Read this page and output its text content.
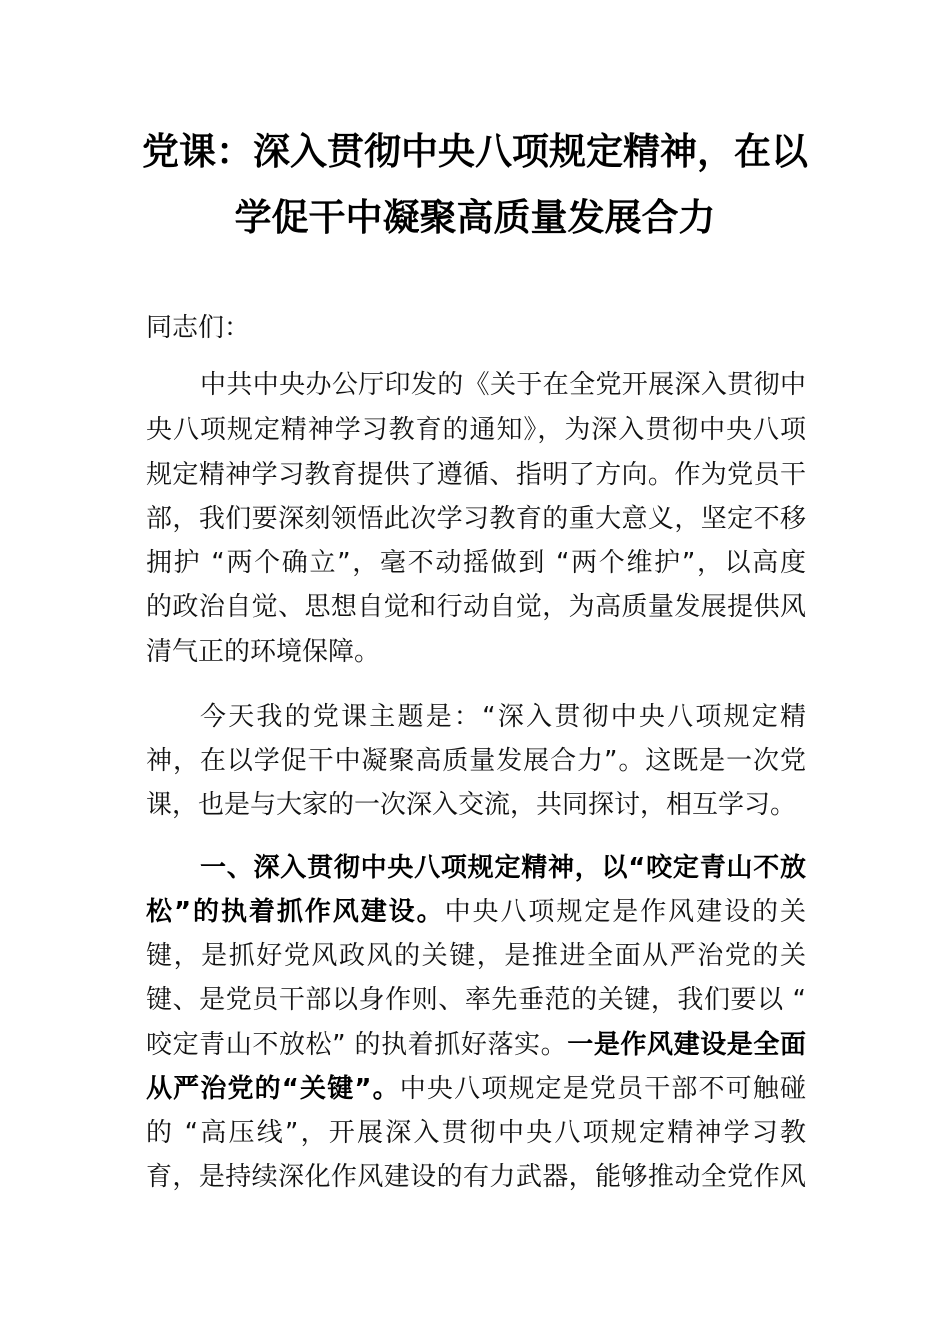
党课：深入贯彻中央八项规定精神，在以
学促干中凝聚高质量发展合力
同志们：
中共中央办公厅印发的《关于在全党开展深入贯彻中
央八项规定精神学习教育的通知》，为深入贯彻中央八项
规定精神学习教育提供了遵循、指明了方向。作为党员干
部，我们要深刻领悟此次学习教育的重大意义，坚定不移
拥护 “两个确立”，毫不动摇做到 “两个维护”，以高度
的政治自觉、思想自觉和行动自觉，为高质量发展提供风
清气正的环境保障。
今天我的党课主题是：“深入贯彻中央八项规定精
神，在以学促干中凝聚高质量发展合力”。这既是一次党
课，也是与大家的一次深入交流，共同探讨，相互学习。
一、深入贯彻中央八项规定精神，以“咬定青山不放
松”的执着抓作风建设。中央八项规定是作风建设的关
键，是抓好党风政风的关键，是推进全面从严治党的关
键、是党员干部以身作则、率先垂范的关键，我们要以 “
咬定青山不放松” 的执着抓好落实。一是作风建设是全面
从严治党的“关键”。中央八项规定是党员干部不可触碰
的 “高压线”，开展深入贯彻中央八项规定精神学习教
育，是持续深化作风建设的有力武器，能够推动全党作风
